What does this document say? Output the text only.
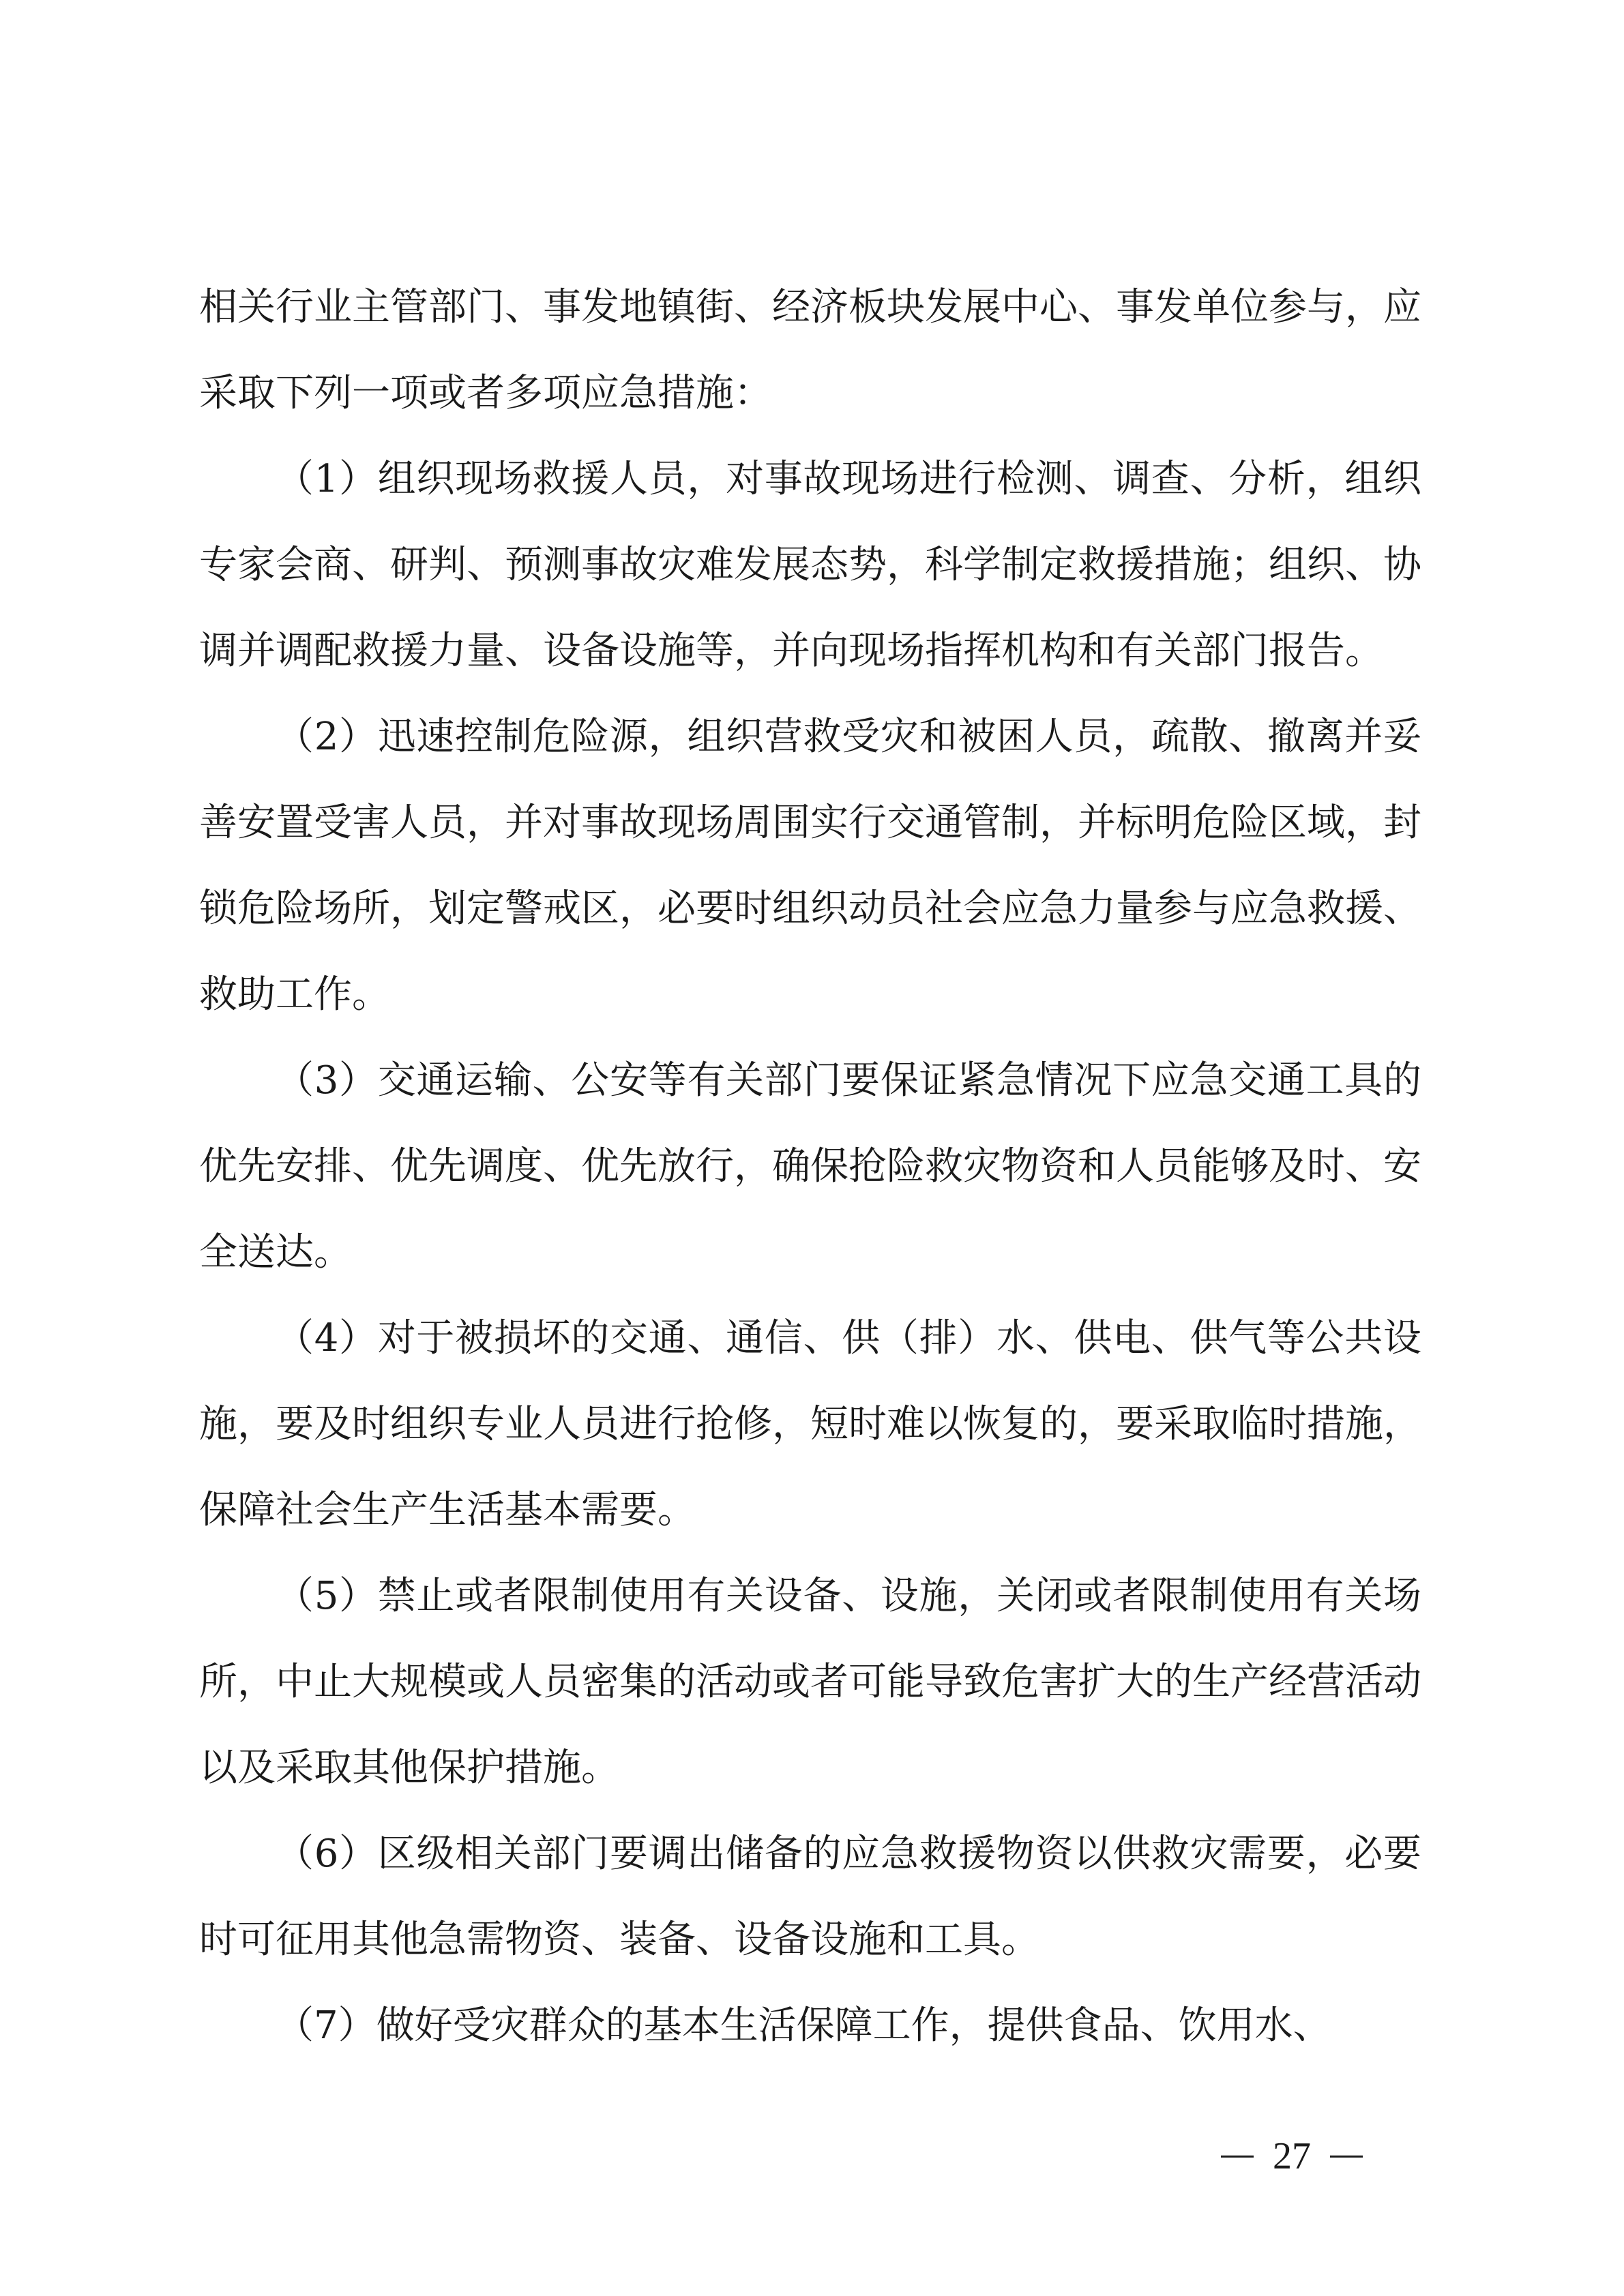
相关行业主管部门、事发地镇街、经济板块发展中心、事发单位参与，应采取下列一项或者多项应急措施：

（1）组织现场救援人员，对事故现场进行检测、调查、分析，组织专家会商、研判、预测事故灾难发展态势，科学制定救援措施；组织、协调并调配救援力量、设备设施等，并向现场指挥机构和有关部门报告。

（2）迅速控制危险源，组织营救受灾和被困人员，疏散、撤离并妥善安置受害人员，并对事故现场周围实行交通管制，并标明危险区域，封锁危险场所，划定警戒区，必要时组织动员社会应急力量参与应急救援、救助工作。

（3）交通运输、公安等有关部门要保证紧急情况下应急交通工具的优先安排、优先调度、优先放行，确保抢险救灾物资和人员能够及时、安全送达。

（4）对于被损坏的交通、通信、供（排）水、供电、供气等公共设施，要及时组织专业人员进行抢修，短时难以恢复的，要采取临时措施，保障社会生产生活基本需要。

（5）禁止或者限制使用有关设备、设施，关闭或者限制使用有关场所，中止大规模或人员密集的活动或者可能导致危害扩大的生产经营活动以及采取其他保护措施。

（6）区级相关部门要调出储备的应急救援物资以供救灾需要，必要时可征用其他急需物资、装备、设备设施和工具。

（7）做好受灾群众的基本生活保障工作，提供食品、饮用水、

27
